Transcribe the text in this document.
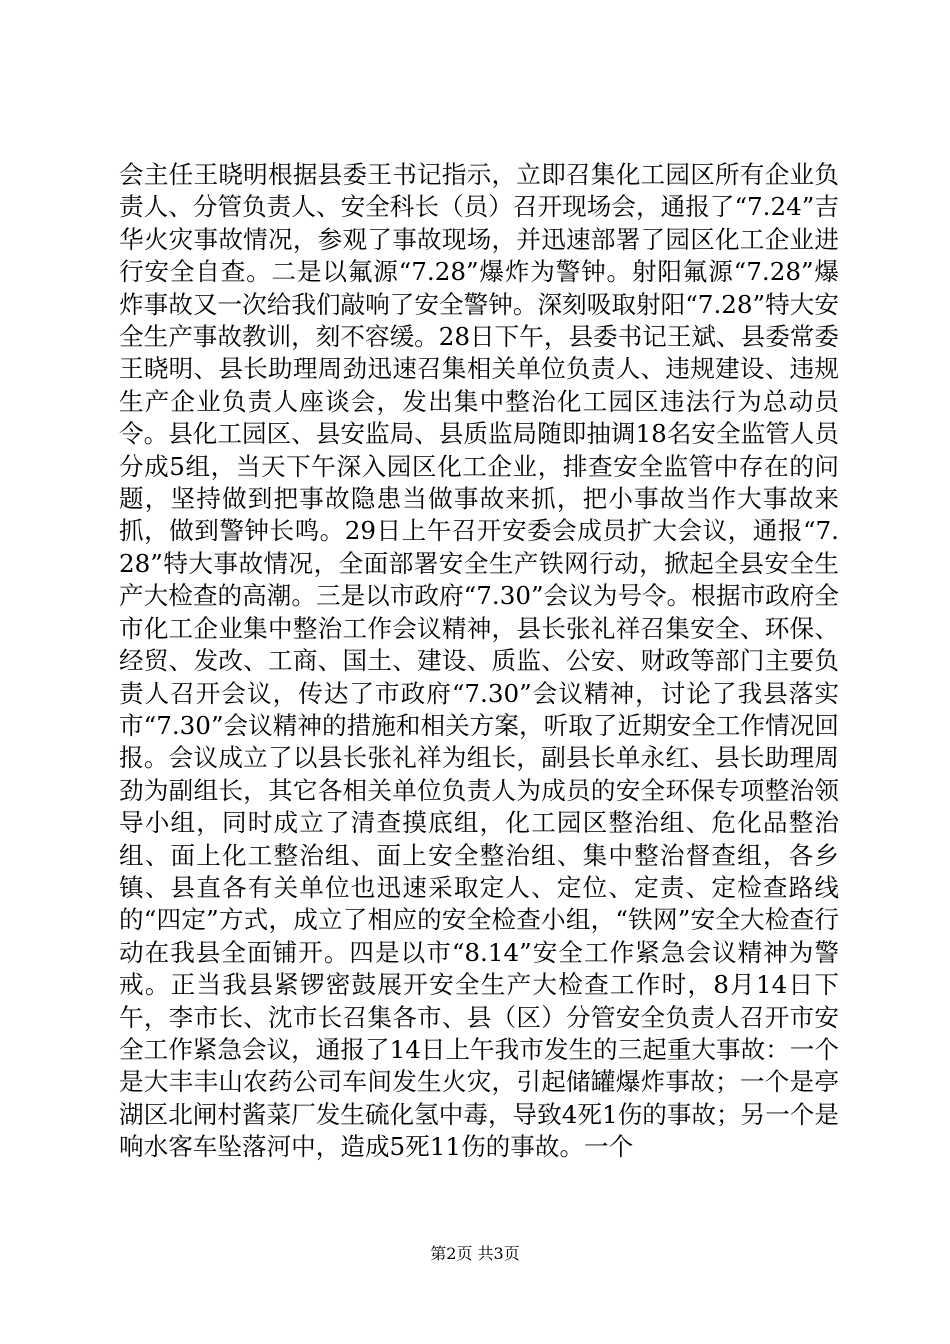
会主任王晓明根据县委王书记指示，立即召集化工园区所有企业负责人、分管负责人、安全科长（员）召开现场会，通报了“7.24”吉华火灾事故情况，参观了事故现场，并迅速部署了园区化工企业进行安全自查。二是以氟源“7.28”爆炸为警钟。射阳氟源“7.28”爆炸事故又一次给我们敲响了安全警钟。深刻吸取射阳“7.28”特大安全生产事故教训，刻不容缓。28日下午，县委书记王斌、县委常委王晓明、县长助理周劲迅速召集相关单位负责人、违规建设、违规生产企业负责人座谈会，发出集中整治化工园区违法行为总动员令。县化工园区、县安监局、县质监局随即抽调18名安全监管人员分成5组，当天下午深入园区化工企业，排查安全监管中存在的问题，坚持做到把事故隐患当做事故来抓，把小事故当作大事故来抓，做到警钟长鸣。29日上午召开安委会成员扩大会议，通报“7.28”特大事故情况，全面部署安全生产铁网行动，掀起全县安全生产大检查的高潮。三是以市政府“7.30”会议为号令。根据市政府全市化工企业集中整治工作会议精神，县长张礼祥召集安全、环保、经贸、发改、工商、国土、建设、质监、公安、财政等部门主要负责人召开会议，传达了市政府“7.30”会议精神，讨论了我县落实市“7.30”会议精神的措施和相关方案，听取了近期安全工作情况回报。会议成立了以县长张礼祥为组长，副县长单永红、县长助理周劲为副组长，其它各相关单位负责人为成员的安全环保专项整治领导小组，同时成立了清查摸底组，化工园区整治组、危化品整治组、面上化工整治组、面上安全整治组、集中整治督查组，各乡镇、县直各有关单位也迅速采取定人、定位、定责、定检查路线的“四定”方式，成立了相应的安全检查小组，“铁网”安全大检查行动在我县全面铺开。四是以市“8.14”安全工作紧急会议精神为警戒。正当我县紧锣密鼓展开安全生产大检查工作时，8月14日下午，李市长、沈市长召集各市、县（区）分管安全负责人召开市安全工作紧急会议，通报了14日上午我市发生的三起重大事故：一个是大丰丰山农药公司车间发生火灾，引起储罐爆炸事故；一个是亭湖区北闸村酱菜厂发生硫化氢中毒，导致4死1伤的事故；另一个是响水客车坠落河中，造成5死11伤的事故。一个

第2页 共3页
